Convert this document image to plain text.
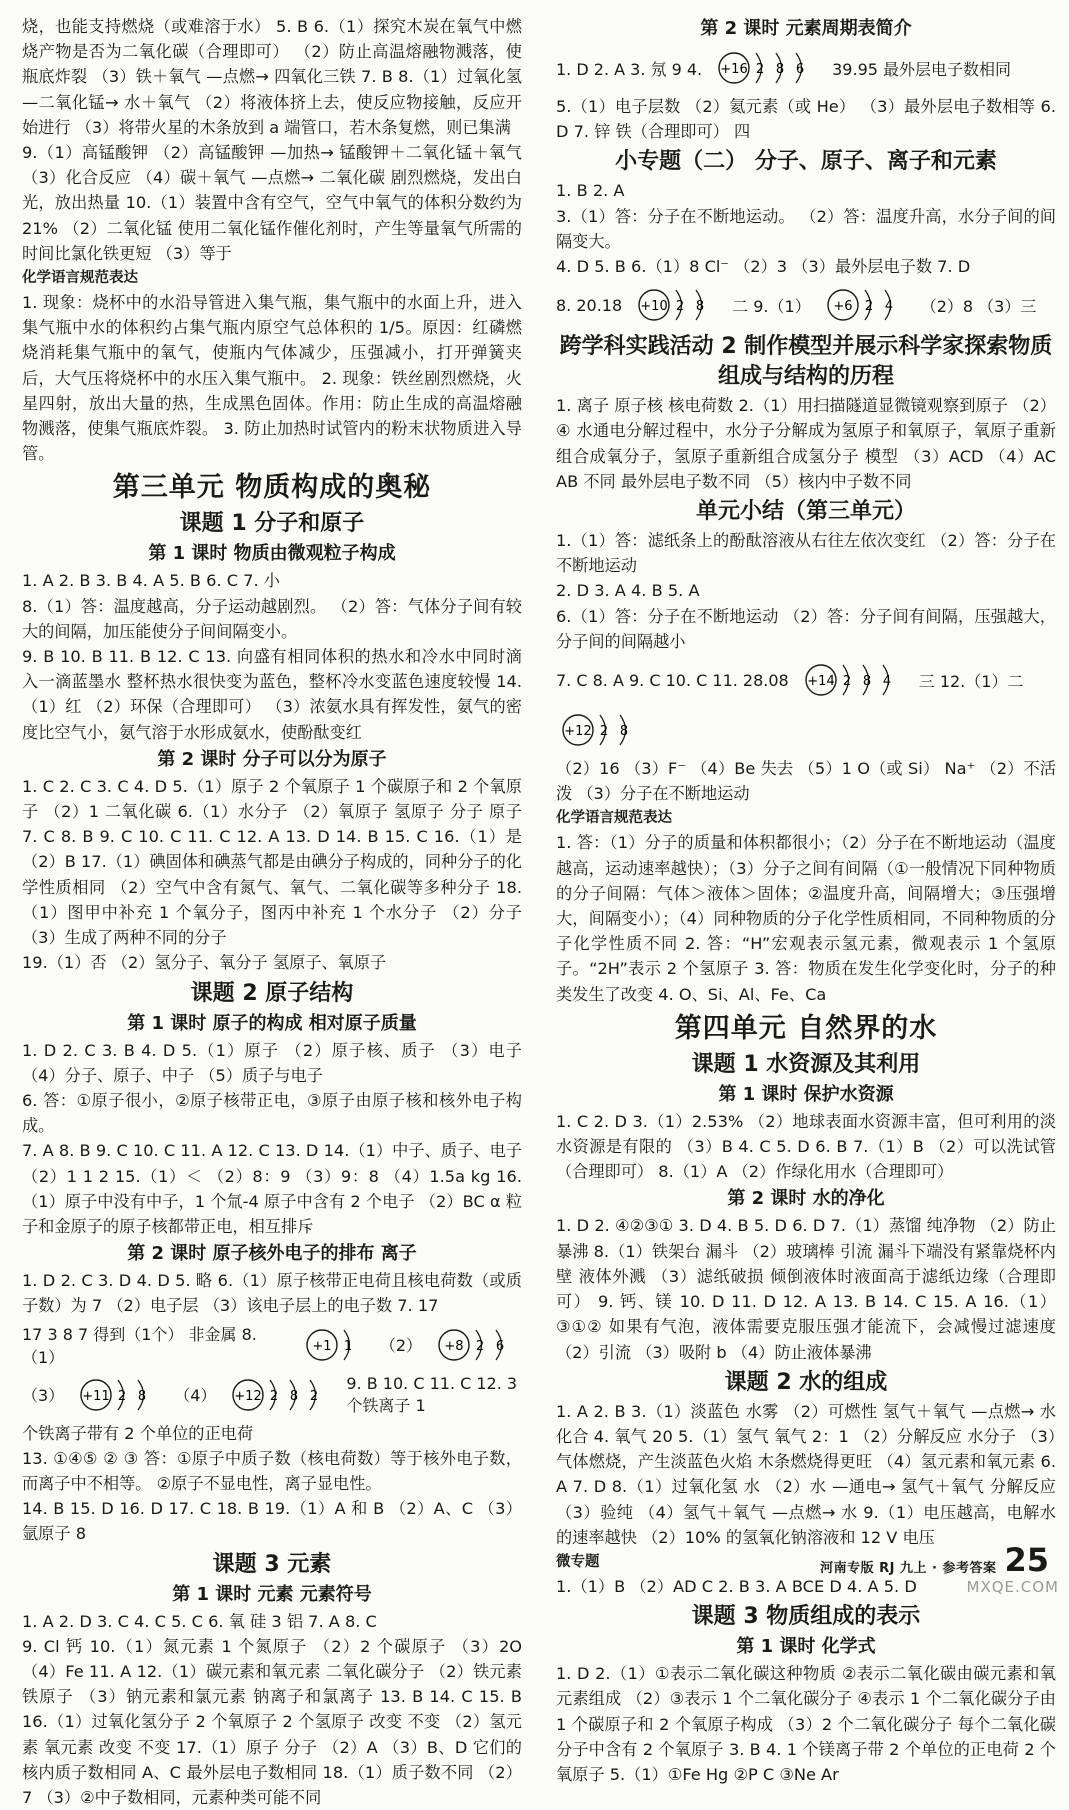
烧，也能支持燃烧（或难溶于水） 5. B 6.（1）探究木炭在氧气中燃烧产物是否为二氧化碳（合理即可） （2）防止高温熔融物溅落，使瓶底炸裂 （3）铁＋氧气 —点燃→ 四氧化三铁 7. B 8.（1）过氧化氢 —二氧化锰→ 水＋氧气 （2）将液体挤上去，使反应物接触，反应开始进行 （3）将带火星的木条放到 a 端管口，若木条复燃，则已集满
9.（1）高锰酸钾 （2）高锰酸钾 —加热→ 锰酸钾＋二氧化锰＋氧气 （3）化合反应 （4）碳＋氧气 —点燃→ 二氧化碳 剧烈燃烧，发出白光，放出热量 10.（1）装置中含有空气，空气中氧气的体积分数约为 21% （2）二氧化锰 使用二氧化锰作催化剂时，产生等量氧气所需的时间比氯化铁更短 （3）等于
化学语言规范表达
1. 现象：烧杯中的水沿导管进入集气瓶，集气瓶中的水面上升，进入集气瓶中水的体积约占集气瓶内原空气总体积的 1/5。原因：红磷燃烧消耗集气瓶中的氧气，使瓶内气体减少，压强减小，打开弹簧夹后，大气压将烧杯中的水压入集气瓶中。 2. 现象：铁丝剧烈燃烧，火星四射，放出大量的热，生成黑色固体。作用：防止生成的高温熔融物溅落，使集气瓶底炸裂。 3. 防止加热时试管内的粉末状物质进入导管。
第三单元 物质构成的奥秘
课题 1 分子和原子
第 1 课时 物质由微观粒子构成
1. A 2. B 3. B 4. A 5. B 6. C 7. 小
8.（1）答：温度越高，分子运动越剧烈。 （2）答：气体分子间有较大的间隔，加压能使分子间间隔变小。
9. B 10. B 11. B 12. C 13. 向盛有相同体积的热水和冷水中同时滴入一滴蓝墨水 整杯热水很快变为蓝色，整杯冷水变蓝色速度较慢 14.（1）红 （2）环保（合理即可） （3）浓氨水具有挥发性，氨气的密度比空气小，氨气溶于水形成氨水，使酚酞变红
第 2 课时 分子可以分为原子
1. C 2. C 3. C 4. D 5.（1）原子 2 个氧原子 1 个碳原子和 2 个氧原子 （2）1 二氧化碳 6.（1）水分子 （2）氧原子 氢原子 分子 原子 7. C 8. B 9. C 10. C 11. C 12. A 13. D 14. B 15. C 16.（1）是 （2）B 17.（1）碘固体和碘蒸气都是由碘分子构成的，同种分子的化学性质相同 （2）空气中含有氮气、氧气、二氧化碳等多种分子 18.（1）图甲中补充 1 个氧分子，图丙中补充 1 个水分子 （2）分子 （3）生成了两种不同的分子
19.（1）否 （2）氢分子、氧分子 氢原子、氧原子
课题 2 原子结构
第 1 课时 原子的构成 相对原子质量
1. D 2. C 3. B 4. D 5.（1）原子 （2）原子核、质子 （3）电子 （4）分子、原子、中子 （5）质子与电子
6. 答：①原子很小，②原子核带正电，③原子由原子核和核外电子构成。
7. A 8. B 9. C 10. C 11. A 12. C 13. D 14.（1）中子、质子、电子 （2）1 1 2 15.（1）＜ （2）8：9 （3）9：8 （4）1.5a kg 16.（1）原子中没有中子，1 个氚-4 原子中含有 2 个电子 （2）BC α 粒子和金原子的原子核都带正电，相互排斥
第 2 课时 原子核外电子的排布 离子
1. D 2. C 3. D 4. D 5. 略 6.（1）原子核带正电荷且核电荷数（或质子数）为 7 （2）电子层 （3）该电子层上的电子数 7. 17
17 3 8 7 得到（1个） 非金属 8.（1）
+1 1 （2） +8 2 6
（3） +11 2 8 （4） +12 2 8 2
9. B 10. C 11. C 12. 3 个铁离子 1
个铁离子带有 2 个单位的正电荷
13. ①④⑤ ② ③ 答：①原子中质子数（核电荷数）等于核外电子数，而离子中不相等。 ②原子不显电性，离子显电性。
14. B 15. D 16. D 17. C 18. B 19.（1）A 和 B （2）A、C （3）氩原子 8
课题 3 元素
第 1 课时 元素 元素符号
1. A 2. D 3. C 4. C 5. C 6. 氧 硅 3 铝 7. A 8. C
9. Cl 钙 10.（1）氮元素 1 个氮原子 （2）2 个碳原子 （3）2O （4）Fe 11. A 12.（1）碳元素和氧元素 二氧化碳分子 （2）铁元素 铁原子 （3）钠元素和氯元素 钠离子和氯离子 13. B 14. C 15. B 16.（1）过氧化氢分子 2 个氧原子 2 个氢原子 改变 不变 （2）氢元素 氧元素 改变 不变 17.（1）原子 分子 （2）A （3）B、D 它们的核内质子数相同 A、C 最外层电子数相同 18.（1）质子数不同 （2）7 （3）②中子数相同，元素种类可能不同
第 2 课时 元素周期表简介
1. D 2. A 3. 氖 9 4. +16 2 8 6 39.95 最外层电子数相同
5.（1）电子层数 （2）氦元素（或 He） （3）最外层电子数相等 6. D 7. 锌 铁（合理即可） 四
小专题（二） 分子、原子、离子和元素
1. B 2. A
3.（1）答：分子在不断地运动。 （2）答：温度升高，水分子间的间隔变大。
4. D 5. B 6.（1）8 Cl⁻ （2）3 （3）最外层电子数 7. D
8. 20.18 +10 2 8 二 9.（1） +6 2 4 （2）8 （3）三
跨学科实践活动 2 制作模型并展示科学家探索物质组成与结构的历程
1. 离子 原子核 核电荷数 2.（1）用扫描隧道显微镜观察到原子 （2）④ 水通电分解过程中，水分子分解成为氢原子和氧原子，氧原子重新组合成氧分子，氢原子重新组合成氢分子 模型 （3）ACD （4）AC AB 不同 最外层电子数不同 （5）核内中子数不同
单元小结（第三单元）
1.（1）答：滤纸条上的酚酞溶液从右往左依次变红 （2）答：分子在不断地运动
2. D 3. A 4. B 5. A
6.（1）答：分子在不断地运动 （2）答：分子间有间隔，压强越大，分子间的间隔越小
7. C 8. A 9. C 10. C 11. 28.08 +14 2 8 4 三 12.（1）二
+12 2 8
（2）16 （3）F⁻ （4）Be 失去 （5）1 O（或 Si） Na⁺ （2）不活泼 （3）分子在不断地运动
化学语言规范表达
1. 答：（1）分子的质量和体积都很小；（2）分子在不断地运动（温度越高，运动速率越快）；（3）分子之间有间隔（①一般情况下同种物质的分子间隔：气体＞液体＞固体；②温度升高，间隔增大；③压强增大，间隔变小）；（4）同种物质的分子化学性质相同，不同种物质的分子化学性质不同 2. 答：“H”宏观表示氢元素，微观表示 1 个氢原子。“2H”表示 2 个氢原子 3. 答：物质在发生化学变化时，分子的种类发生了改变 4. O、Si、Al、Fe、Ca
第四单元 自然界的水
课题 1 水资源及其利用
第 1 课时 保护水资源
1. C 2. D 3.（1）2.53% （2）地球表面水资源丰富，但可利用的淡水资源是有限的 （3）B 4. C 5. D 6. B 7.（1）B （2）可以洗试管（合理即可） 8.（1）A （2）作绿化用水（合理即可）
第 2 课时 水的净化
1. D 2. ④②③① 3. D 4. B 5. D 6. D 7.（1）蒸馏 纯净物 （2）防止暴沸 8.（1）铁架台 漏斗 （2）玻璃棒 引流 漏斗下端没有紧靠烧杯内壁 液体外溅 （3）滤纸破损 倾倒液体时液面高于滤纸边缘（合理即可） 9. 钙、镁 10. D 11. D 12. A 13. B 14. C 15. A 16.（1）③①② 如果有气泡，液体需要克服压强才能流下，会减慢过滤速度 （2）引流 （3）吸附 b （4）防止液体暴沸
课题 2 水的组成
1. A 2. B 3.（1）淡蓝色 水雾 （2）可燃性 氢气＋氧气 —点燃→ 水 化合 4. 氧气 20 5.（1）氢气 氧气 2：1 （2）分解反应 水分子 （3）气体燃烧，产生淡蓝色火焰 木条燃烧得更旺 （4）氢元素和氧元素 6. A 7. D 8.（1）过氧化氢 水 （2）水 —通电→ 氢气＋氧气 分解反应 （3）验纯 （4）氢气＋氧气 —点燃→ 水 9.（1）电压越高，电解水的速率越快 （2）10% 的氢氧化钠溶液和 12 V 电压
微专题
1.（1）B （2）AD C 2. B 3. A BCE D 4. A 5. D
课题 3 物质组成的表示
第 1 课时 化学式
1. D 2.（1）①表示二氧化碳这种物质 ②表示二氧化碳由碳元素和氧元素组成 （2）③表示 1 个二氧化碳分子 ④表示 1 个二氧化碳分子由 1 个碳原子和 2 个氧原子构成 （3）2 个二氧化碳分子 每个二氧化碳分子中含有 2 个氧原子 3. B 4. 1 个镁离子带 2 个单位的正电荷 2 个氧原子 5.（1）①Fe Hg ②P C ③Ne Ar
河南专版 RJ 九上 · 参考答案 25
MXQE.COM
